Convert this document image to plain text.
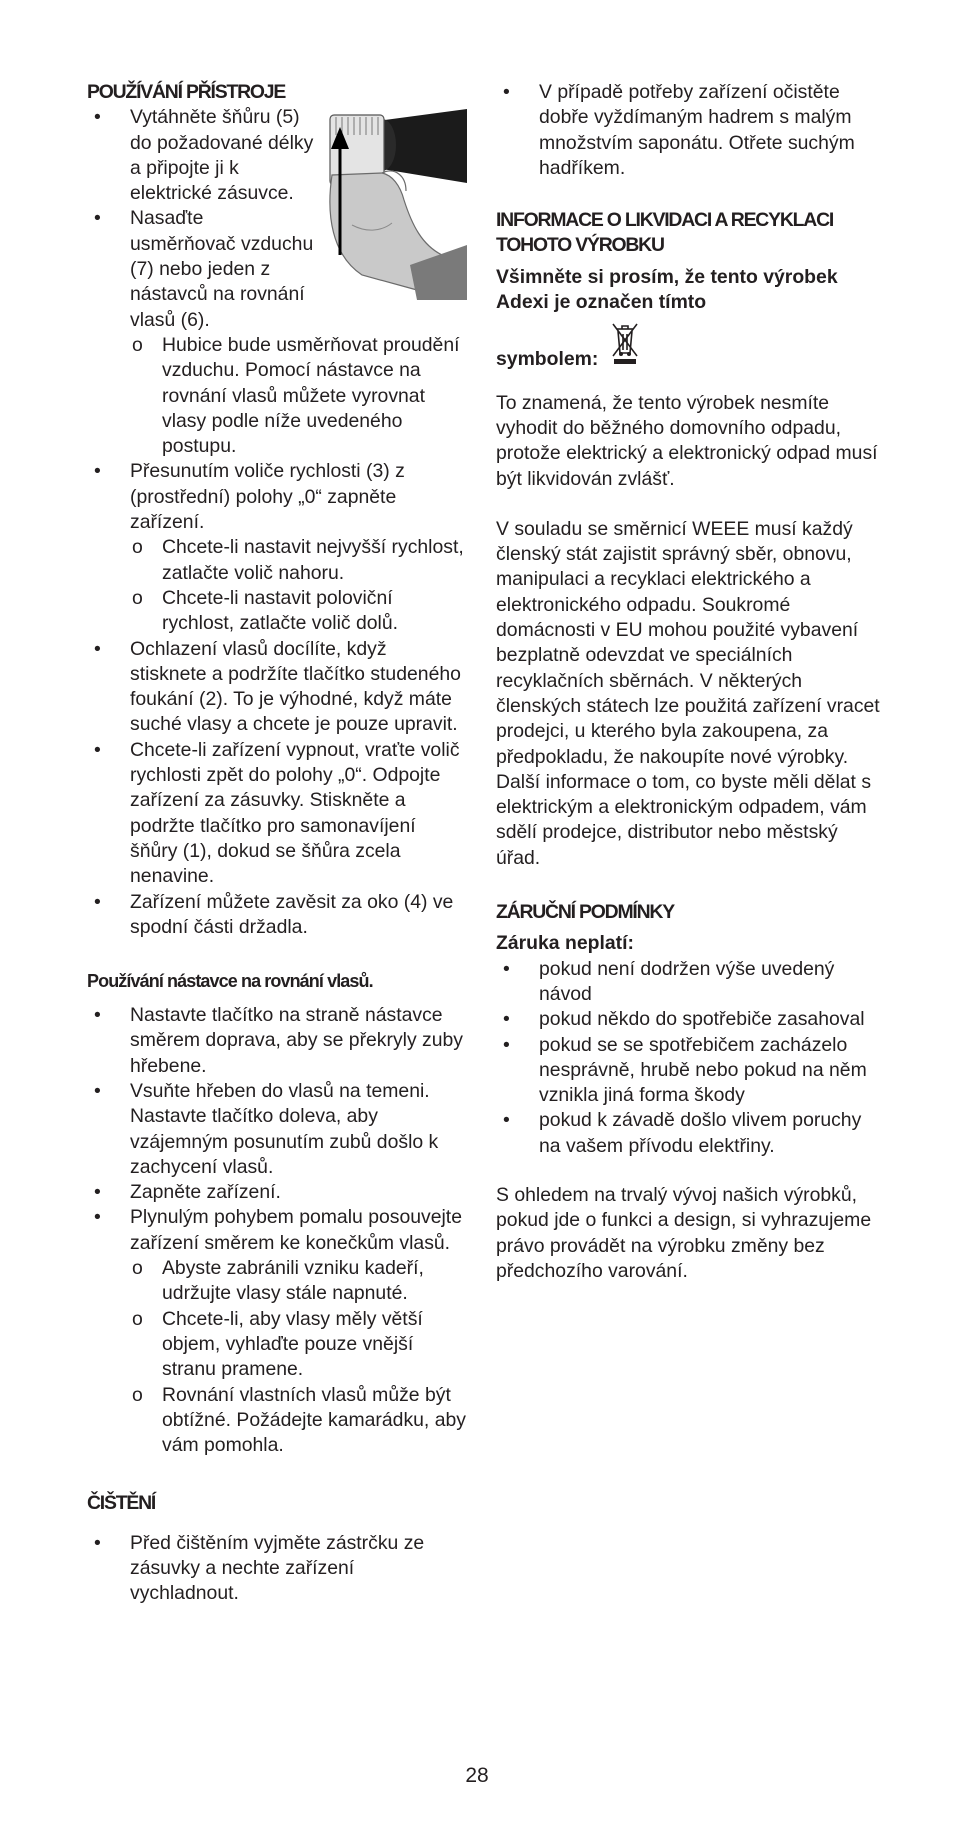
POUŽÍVÁNÍ PŘÍSTROJE
• Vytáhněte šňůru (5) do požadované délky a připojte ji k elektrické zásuvce.
• Nasaďte usměrňovač vzduchu (7) nebo jeden z nástavců na rovnání vlasů (6).
o Hubice bude usměrňovat proudění vzduchu. Pomocí nástavce na rovnání vlasů můžete vyrovnat vlasy podle níže uvedeného postupu.
• Přesunutím voliče rychlosti (3) z (prostřední) polohy „0“ zapněte zařízení.
o Chcete-li nastavit nejvyšší rychlost, zatlačte volič nahoru.
o Chcete-li nastavit poloviční rychlost, zatlačte volič dolů.
• Ochlazení vlasů docílíte, když stisknete a podržíte tlačítko studeného foukání (2). To je výhodné, když máte suché vlasy a chcete je pouze upravit.
• Chcete-li zařízení vypnout, vraťte volič rychlosti zpět do polohy „0“. Odpojte zařízení za zásuvky. Stiskněte a podržte tlačítko pro samonavíjení šňůry (1), dokud se šňůra zcela nenavine.
• Zařízení můžete zavěsit za oko (4) ve spodní části držadla.
Používání nástavce na rovnání vlasů.
• Nastavte tlačítko na straně nástavce směrem doprava, aby se překryly zuby hřebene.
• Vsuňte hřeben do vlasů na temeni. Nastavte tlačítko doleva, aby vzájemným posunutím zubů došlo k zachycení vlasů.
• Zapněte zařízení.
• Plynulým pohybem pomalu posouvejte zařízení směrem ke konečkům vlasů.
o Abyste zabránili vzniku kadeří, udržujte vlasy stále napnuté.
o Chcete-li, aby vlasy měly větší objem, vyhlaďte pouze vnější stranu pramene.
o Rovnání vlastních vlasů může být obtížné. Požádejte kamarádku, aby vám pomohla.
ČIŠTĚNÍ
• Před čištěním vyjměte zástrčku ze zásuvky a nechte zařízení vychladnout.
• V případě potřeby zařízení očistěte dobře vyždímaným hadrem s malým množstvím saponátu. Otřete suchým hadříkem.
INFORMACE O LIKVIDACI A RECYKLACI TOHOTO VÝROBKU

Všimněte si prosím, že tento výrobek Adexi je označen tímto

symbolem:

To znamená, že tento výrobek nesmíte vyhodit do běžného domovního odpadu, protože elektrický a elektronický odpad musí být likvidován zvlášť.

V souladu se směrnicí WEEE musí každý členský stát zajistit správný sběr, obnovu, manipulaci a recyklaci elektrického a elektronického odpadu. Soukromé domácnosti v EU mohou použité vybavení bezplatně odevzdat ve speciálních recyklačních sběrnách. V některých členských státech lze použitá zařízení vracet prodejci, u kterého byla zakoupena, za předpokladu, že nakoupíte nové výrobky. Další informace o tom, co byste měli dělat s elektrickým a elektronickým odpadem, vám sdělí prodejce, distributor nebo městský úřad.

ZÁRUČNÍ PODMÍNKY

Záruka neplatí:

• pokud není dodržen výše uvedený návod
• pokud někdo do spotřebiče zasahoval
• pokud se se spotřebičem zacházelo nesprávně, hrubě nebo pokud na něm vznikla jiná forma škody
• pokud k závadě došlo vlivem poruchy na vašem přívodu elektřiny.

S ohledem na trvalý vývoj našich výrobků, pokud jde o funkci a design, si vyhrazujeme právo provádět na výrobku změny bez předchozího varování.

28
